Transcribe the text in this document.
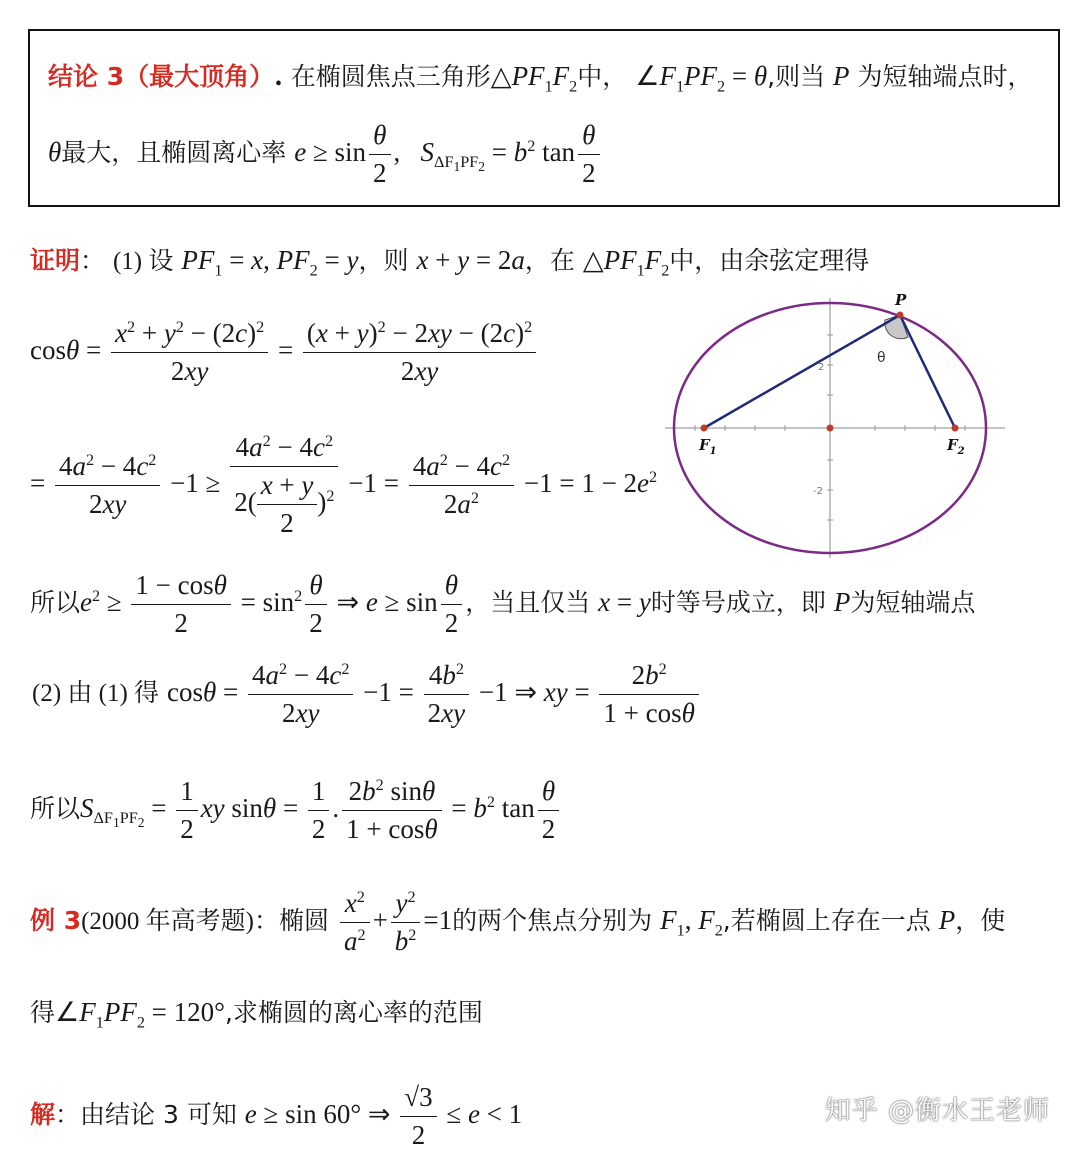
结论 3（最大顶角）. 在椭圆焦点三角形$\triangle PF_1F_2$中， $\angle F_1PF_2 = \theta$,则当 P 为短轴端点时，
θ最大，且椭圆离心率 $e \ge \sin \frac{\theta}{2}$ ,   $S_{\Delta F_1PF_2} = b^2$ $\tan \frac{\theta}{2}$
证明： (1) 设 $PF_1 = x$, $PF_2 = y$，则 x + y = 2a，在 $\triangle PF_1F_2$中，由余弦定理得
$\cos\theta = \frac{x^2 + y^2 - (2c)^2}{2xy} = \frac{(x + y)^2 - 2xy - (2c)^2}{2xy}$
= $\frac{4a^2 - 4c^2}{2xy} -1 \ge \frac{4a^2 - 4c^2}{2( \frac{x + y}{2} )^2} -1 = \frac{4a^2 - 4c^2}{2a^2} -1 = 1 - 2e^2$
所以$e^2 \ge \frac{1 - \cos\theta}{2} = \sin^2 \frac{\theta}{2}$ ⇒ $e \ge \sin \frac{\theta}{2}$ ，当且仅当 x = y时等号成立，即 P为短轴端点
(2) 由 (1) 得 $\cos\theta = \frac{4a^2 - 4c^2}{2xy} -1 = \frac{4b^2}{2xy} -1$ ⇒ xy = $\frac{2b^2}{1 + \cos\theta}$
所以$S_{\Delta F_1PF_2} = \frac{1}{2}$ xy $\sin\theta = \frac{1}{2}$ . $\frac{2b^2 \sin\theta}{1 + \cos\theta} = b^2$ $\tan \frac{\theta}{2}$
例 3(2000 年高考题)：椭圆 $\frac{x^2}{a^2} + \frac{y^2}{b^2} =1$的两个焦点分别为 $F_1$, $F_2$,若椭圆上存在一点 P，使
得$\angle F_1PF_2 = 120^\circ$,求椭圆的离心率的范围
解：由结论 3 可知 e ≥ sin 60° ⇒ $\frac{√3}{2} \le e < 1$
2
-2
P
$F_1$	$F_2$
θ
知乎 @衡水王老师
